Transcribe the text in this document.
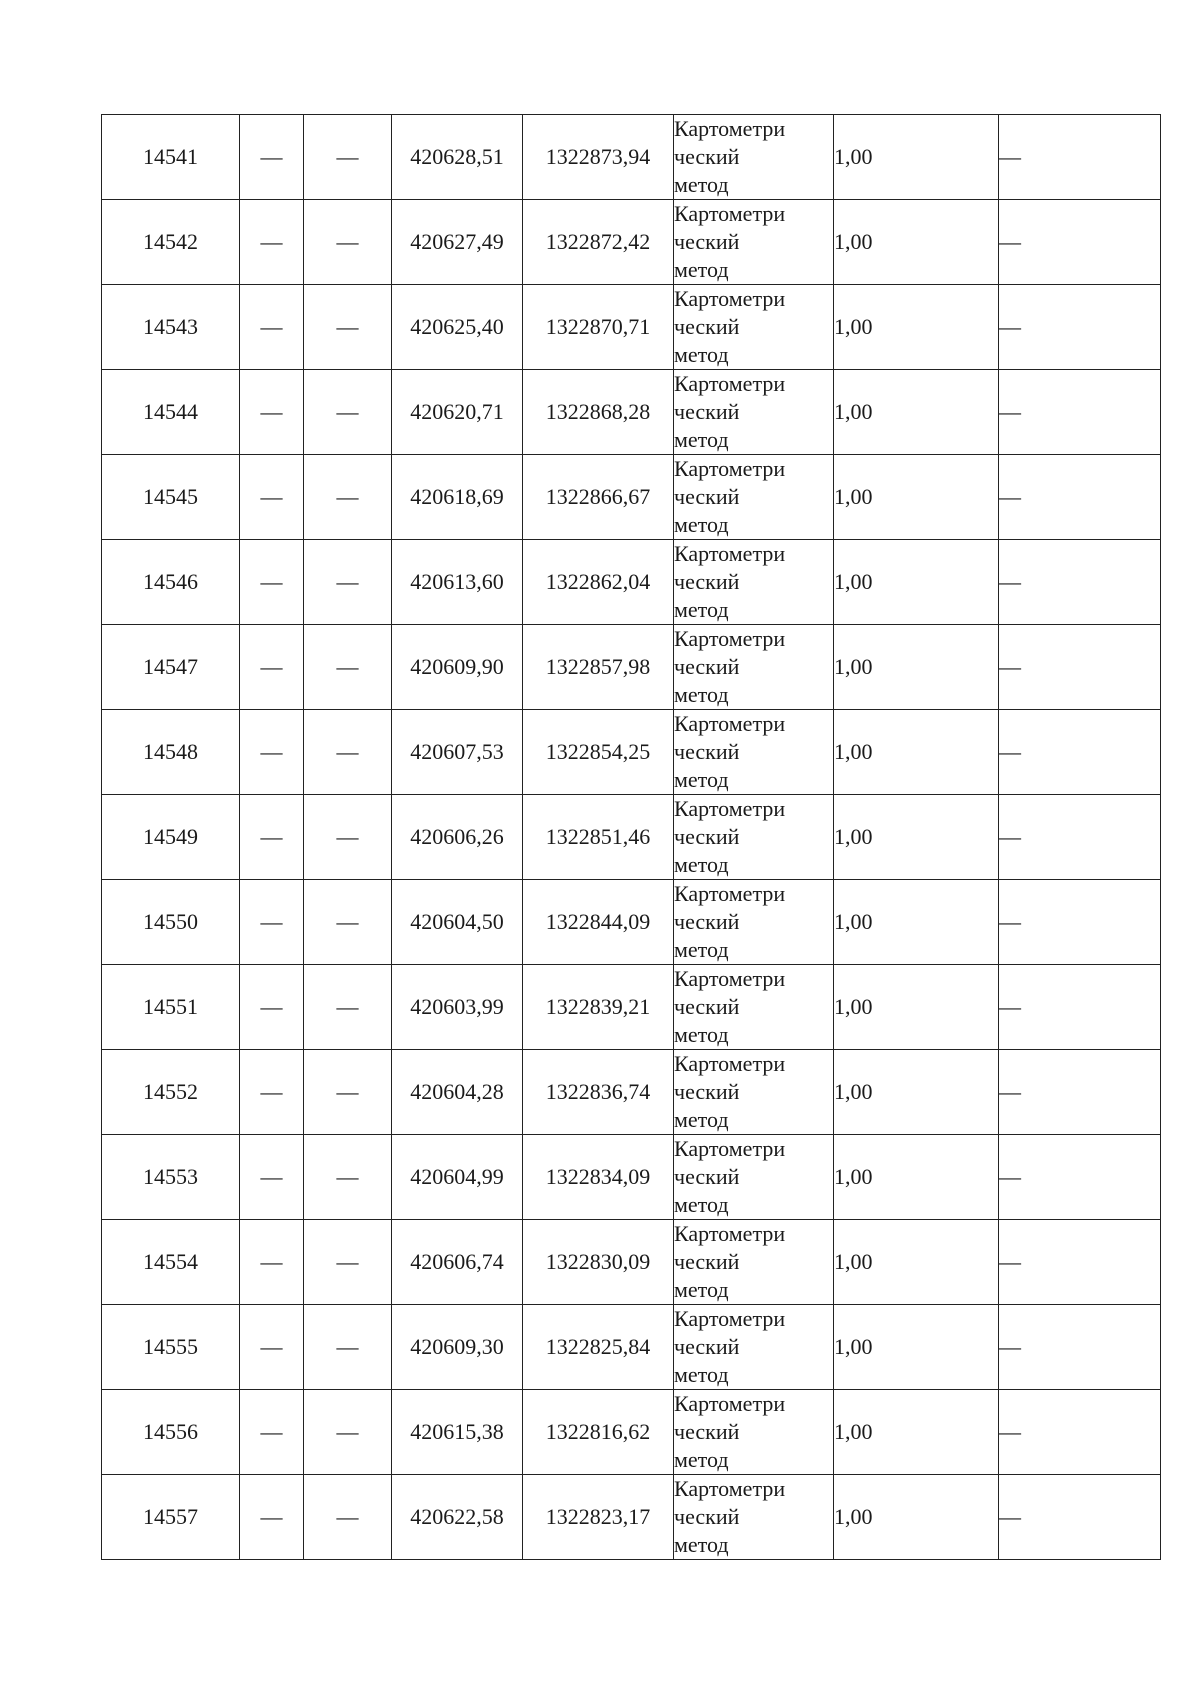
14541	—	—	420628,51	1322873,94	Картометри
ческий
метод	1,00	—
14542	—	—	420627,49	1322872,42	Картометри
ческий
метод	1,00	—
14543	—	—	420625,40	1322870,71	Картометри
ческий
метод	1,00	—
14544	—	—	420620,71	1322868,28	Картометри
ческий
метод	1,00	—
14545	—	—	420618,69	1322866,67	Картометри
ческий
метод	1,00	—
14546	—	—	420613,60	1322862,04	Картометри
ческий
метод	1,00	—
14547	—	—	420609,90	1322857,98	Картометри
ческий
метод	1,00	—
14548	—	—	420607,53	1322854,25	Картометри
ческий
метод	1,00	—
14549	—	—	420606,26	1322851,46	Картометри
ческий
метод	1,00	—
14550	—	—	420604,50	1322844,09	Картометри
ческий
метод	1,00	—
14551	—	—	420603,99	1322839,21	Картометри
ческий
метод	1,00	—
14552	—	—	420604,28	1322836,74	Картометри
ческий
метод	1,00	—
14553	—	—	420604,99	1322834,09	Картометри
ческий
метод	1,00	—
14554	—	—	420606,74	1322830,09	Картометри
ческий
метод	1,00	—
14555	—	—	420609,30	1322825,84	Картометри
ческий
метод	1,00	—
14556	—	—	420615,38	1322816,62	Картометри
ческий
метод	1,00	—
14557	—	—	420622,58	1322823,17	Картометри
ческий
метод	1,00	—
